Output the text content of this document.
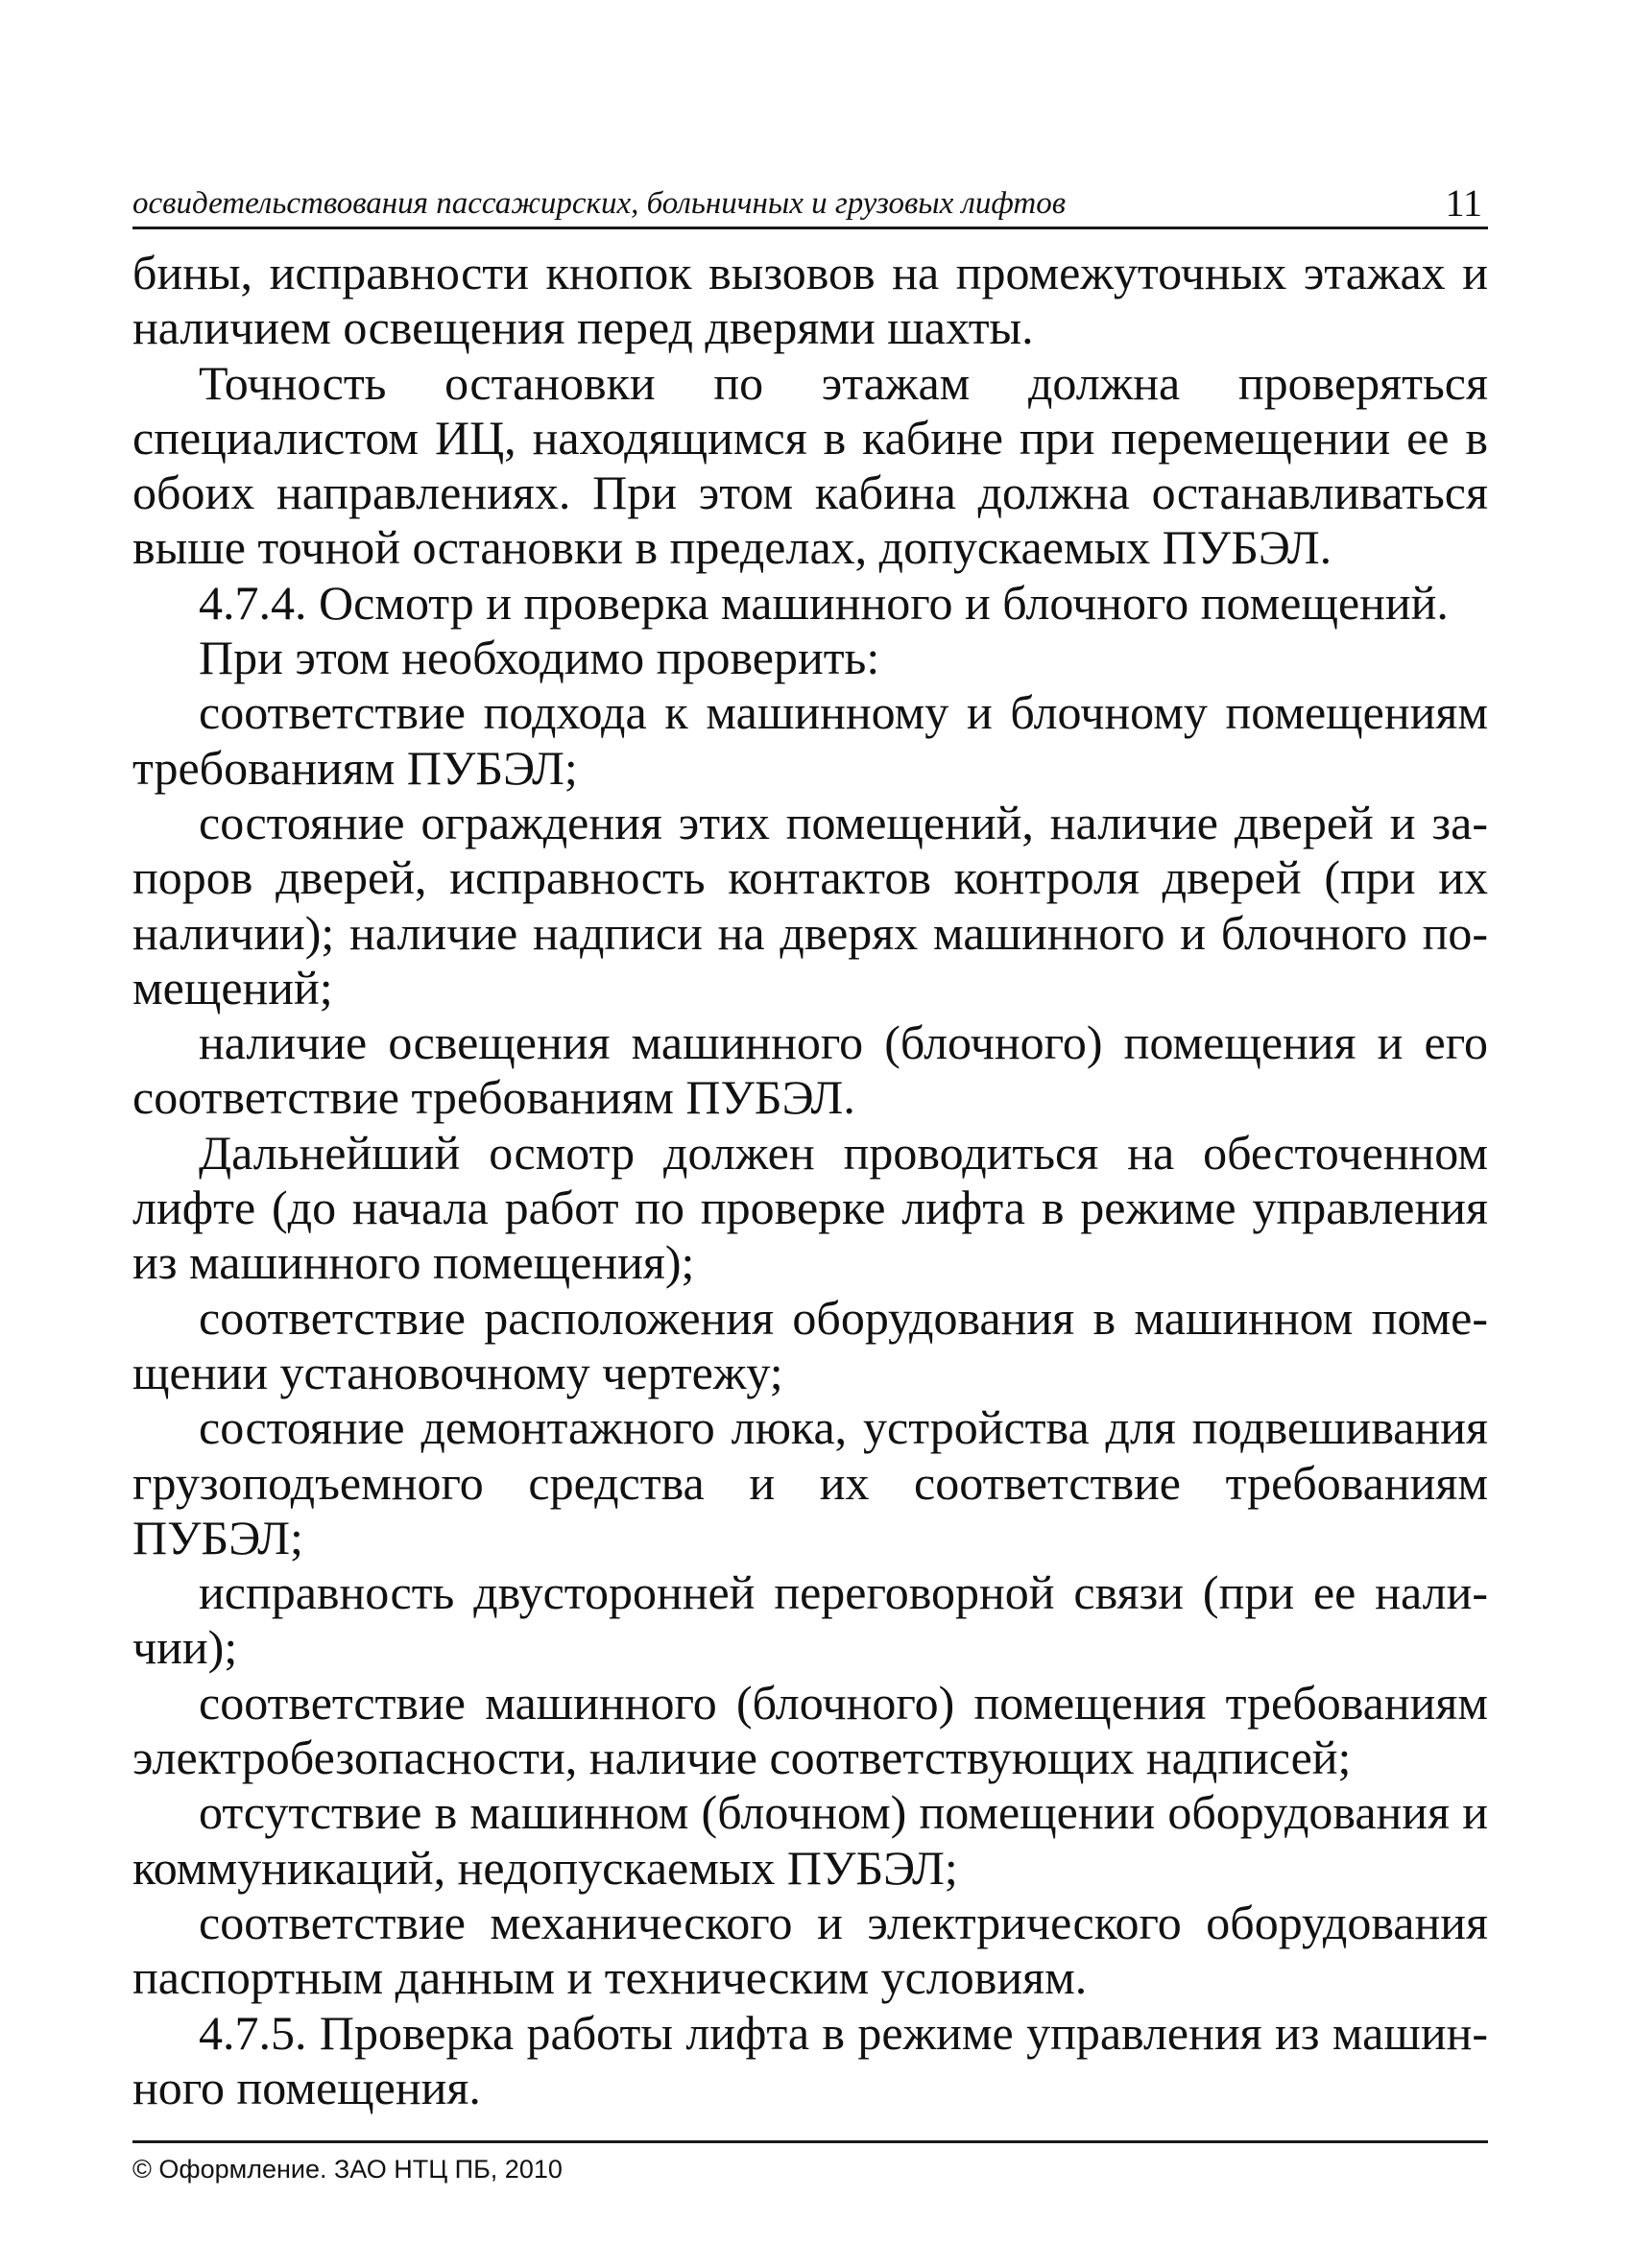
освидетельствования пассажирских, больничных и грузовых лифтов	11

бины, исправности кнопок вызовов на промежуточных этажах и наличием освещения перед дверями шахты.

Точность остановки по этажам должна проверяться специалистом ИЦ, находящимся в кабине при перемещении ее в обоих направлениях. При этом кабина должна останавливаться выше точной остановки в пределах, допускаемых ПУБЭЛ.

4.7.4. Осмотр и проверка машинного и блочного помещений.

При этом необходимо проверить:

соответствие подхода к машинному и блочному помещениям требованиям ПУБЭЛ;

состояние ограждения этих помещений, наличие дверей и запоров дверей, исправность контактов контроля дверей (при их наличии); наличие надписи на дверях машинного и блочного помещений;

наличие освещения машинного (блочного) помещения и его соответствие требованиям ПУБЭЛ.

Дальнейший осмотр должен проводиться на обесточенном лифте (до начала работ по проверке лифта в режиме управления из машинного помещения);

соответствие расположения оборудования в машинном помещении установочному чертежу;

состояние демонтажного люка, устройства для подвешивания грузоподъемного средства и их соответствие требованиям ПУБЭЛ;

исправность двусторонней переговорной связи (при ее наличии);

соответствие машинного (блочного) помещения требованиям электробезопасности, наличие соответствующих надписей;

отсутствие в машинном (блочном) помещении оборудования и коммуникаций, недопускаемых ПУБЭЛ;

соответствие механического и электрического оборудования паспортным данным и техническим условиям.

4.7.5. Проверка работы лифта в режиме управления из машинного помещения.

© Оформление. ЗАО НТЦ ПБ, 2010
